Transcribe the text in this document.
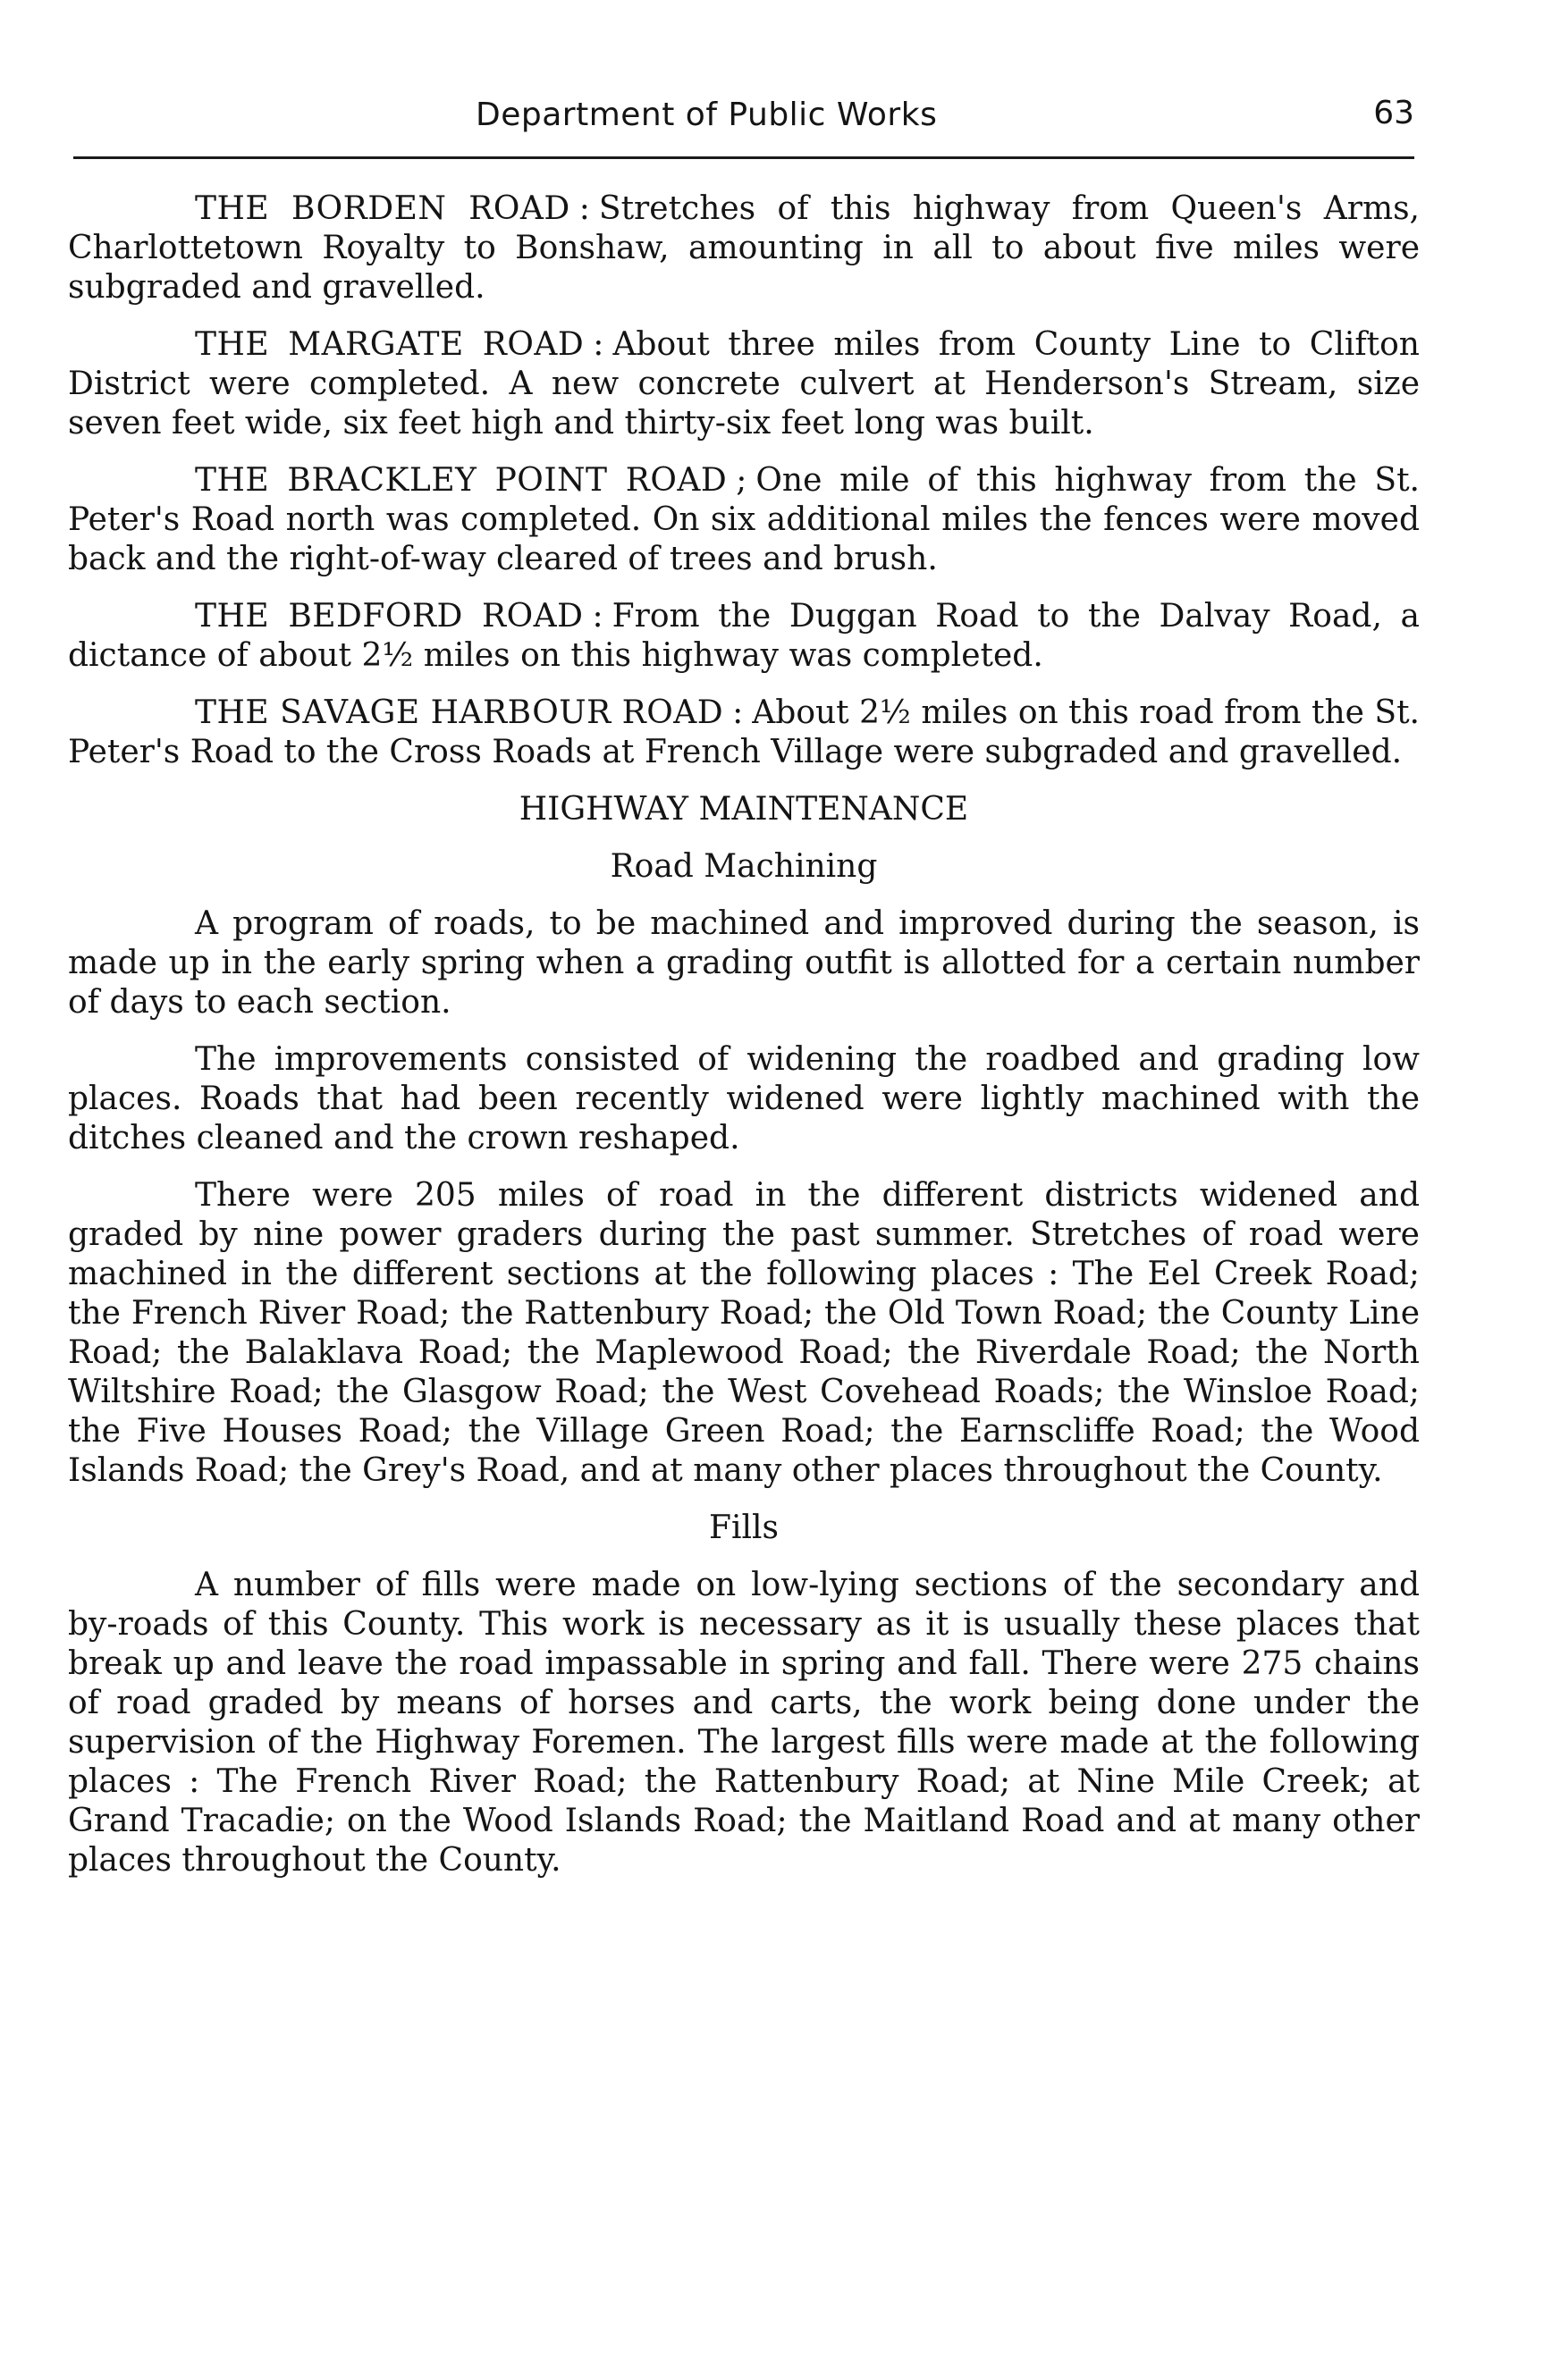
Department of Public Works	63

THE BORDEN ROAD : Stretches of this highway from Queen's Arms, Charlottetown Royalty to Bonshaw, amounting in all to about five miles were subgraded and gravelled.

THE MARGATE ROAD : About three miles from County Line to Clifton District were completed. A new concrete culvert at Henderson's Stream, size seven feet wide, six feet high and thirty-six feet long was built.

THE BRACKLEY POINT ROAD ; One mile of this highway from the St. Peter's Road north was completed. On six additional miles the fences were moved back and the right-of-way cleared of trees and brush.

THE BEDFORD ROAD : From the Duggan Road to the Dalvay Road, a dictance of about 2½ miles on this highway was completed.

THE SAVAGE HARBOUR ROAD : About 2½ miles on this road from the St. Peter's Road to the Cross Roads at French Village were subgraded and gravelled.

HIGHWAY MAINTENANCE

Road Machining

A program of roads, to be machined and improved during the season, is made up in the early spring when a grading outfit is allotted for a certain number of days to each section.

The improvements consisted of widening the roadbed and grading low places. Roads that had been recently widened were lightly machined with the ditches cleaned and the crown reshaped.

There were 205 miles of road in the different districts widened and graded by nine power graders during the past summer. Stretches of road were machined in the different sections at the following places : The Eel Creek Road; the French River Road; the Rattenbury Road; the Old Town Road; the County Line Road; the Balaklava Road; the Maplewood Road; the Riverdale Road; the North Wiltshire Road; the Glasgow Road; the West Covehead Roads; the Winsloe Road; the Five Houses Road; the Village Green Road; the Earnscliffe Road; the Wood Islands Road; the Grey's Road, and at many other places throughout the County.

Fills

A number of fills were made on low-lying sections of the secondary and by-roads of this County. This work is necessary as it is usually these places that break up and leave the road impassable in spring and fall. There were 275 chains of road graded by means of horses and carts, the work being done under the supervision of the Highway Foremen. The largest fills were made at the following places : The French River Road; the Rattenbury Road; at Nine Mile Creek; at Grand Tracadie; on the Wood Islands Road; the Maitland Road and at many other places throughout the County.
